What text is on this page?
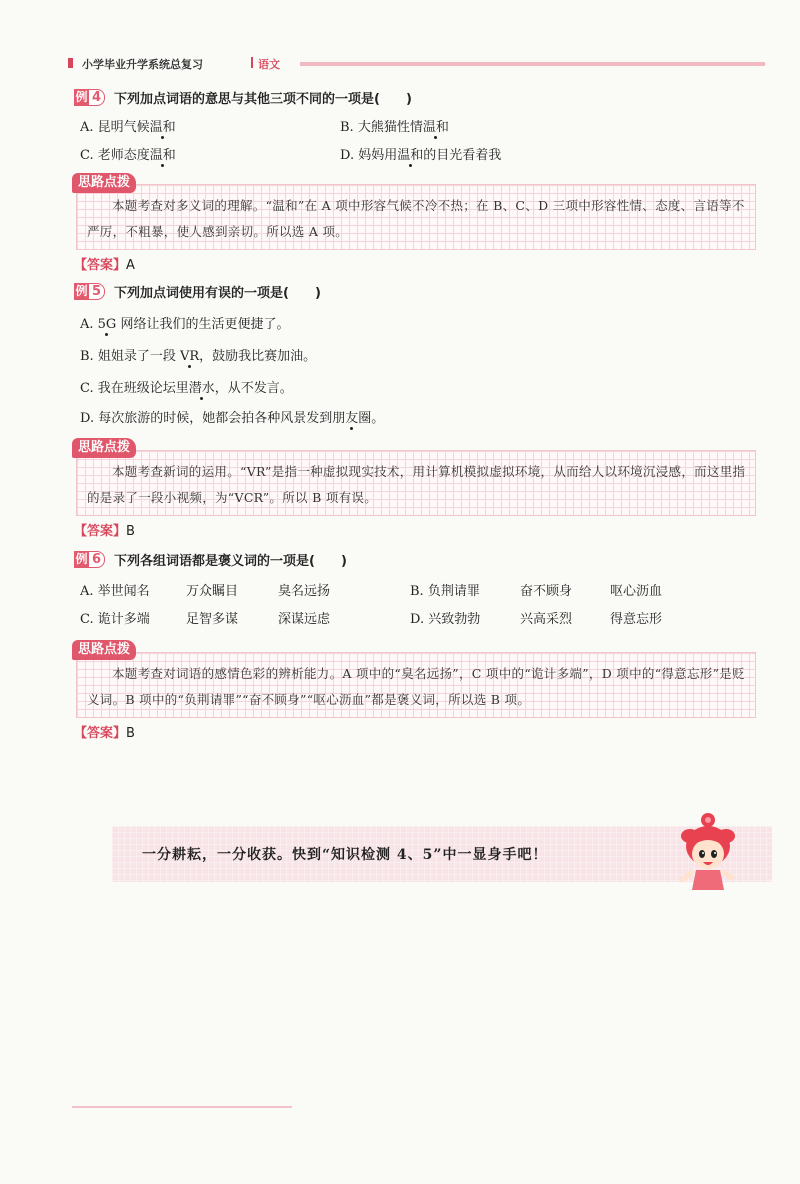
小学毕业升学系统总复习	语文
例 4 下列加点词语的意思与其他三项不同的一项是(　　)
A. 昆明气候温和	B. 大熊猫性情温和
C. 老师态度温和	D. 妈妈用温和的目光看着我
本题考查对多义词的理解。“温和”在 A 项中形容气候不冷不热；在 B、C、D 三项中形容性情、态度、言语等不严厉，不粗暴，使人感到亲切。所以选 A 项。
思路点拨
【答案】A
例 5 下列加点词使用有误的一项是(　　)
A. 5G 网络让我们的生活更便捷了。
B. 姐姐录了一段 VR，鼓励我比赛加油。
C. 我在班级论坛里潜水，从不发言。
D. 每次旅游的时候，她都会拍各种风景发到朋友圈。
本题考查新词的运用。“VR”是指一种虚拟现实技术，用计算机模拟虚拟环境，从而给人以环境沉浸感，而这里指的是录了一段小视频，为“VCR”。所以 B 项有误。
思路点拨
【答案】B
例 6 下列各组词语都是褒义词的一项是(　　)
A. 举世闻名	万众瞩目	臭名远扬	B. 负荆请罪	奋不顾身	呕心沥血
C. 诡计多端	足智多谋	深谋远虑	D. 兴致勃勃	兴高采烈	得意忘形
本题考查对词语的感情色彩的辨析能力。A 项中的“臭名远扬”，C 项中的“诡计多端”，D 项中的“得意忘形”是贬义词。B 项中的“负荆请罪”“奋不顾身”“呕心沥血”都是褒义词，所以选 B 项。
思路点拨
【答案】B
一分耕耘，一分收获。快到“知识检测 4、5”中一显身手吧！
